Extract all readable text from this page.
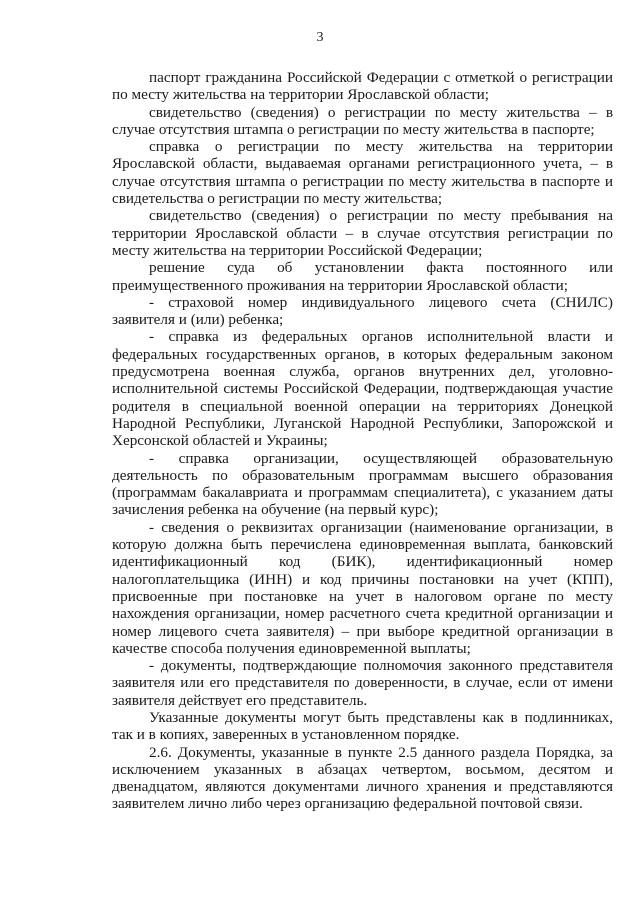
3

паспорт гражданина Российской Федерации с отметкой о регистрации по месту жительства на территории Ярославской области;

свидетельство (сведения) о регистрации по месту жительства – в случае отсутствия штампа о регистрации по месту жительства в паспорте;

справка о регистрации по месту жительства на территории Ярославской области, выдаваемая органами регистрационного учета, – в случае отсутствия штампа о регистрации по месту жительства в паспорте и свидетельства о регистрации по месту жительства;

свидетельство (сведения) о регистрации по месту пребывания на территории Ярославской области – в случае отсутствия регистрации по месту жительства на территории Российской Федерации;

решение суда об установлении факта постоянного или преимущественного проживания на территории Ярославской области;

- страховой номер индивидуального лицевого счета (СНИЛС) заявителя и (или) ребенка;

- справка из федеральных органов исполнительной власти и федеральных государственных органов, в которых федеральным законом предусмотрена военная служба, органов внутренних дел, уголовно-исполнительной системы Российской Федерации, подтверждающая участие родителя в специальной военной операции на территориях Донецкой Народной Республики, Луганской Народной Республики, Запорожской и Херсонской областей и Украины;

- справка организации, осуществляющей образовательную деятельность по образовательным программам высшего образования (программам бакалавриата и программам специалитета), с указанием даты зачисления ребенка на обучение (на первый курс);

- сведения о реквизитах организации (наименование организации, в которую должна быть перечислена единовременная выплата, банковский идентификационный код (БИК), идентификационный номер налогоплательщика (ИНН) и код причины постановки на учет (КПП), присвоенные при постановке на учет в налоговом органе по месту нахождения организации, номер расчетного счета кредитной организации и номер лицевого счета заявителя) – при выборе кредитной организации в качестве способа получения единовременной выплаты;

- документы, подтверждающие полномочия законного представителя заявителя или его представителя по доверенности, в случае, если от имени заявителя действует его представитель.

Указанные документы могут быть представлены как в подлинниках, так и в копиях, заверенных в установленном порядке.

2.6. Документы, указанные в пункте 2.5 данного раздела Порядка, за исключением указанных в абзацах четвертом, восьмом, десятом и двенадцатом, являются документами личного хранения и представляются заявителем лично либо через организацию федеральной почтовой связи.
